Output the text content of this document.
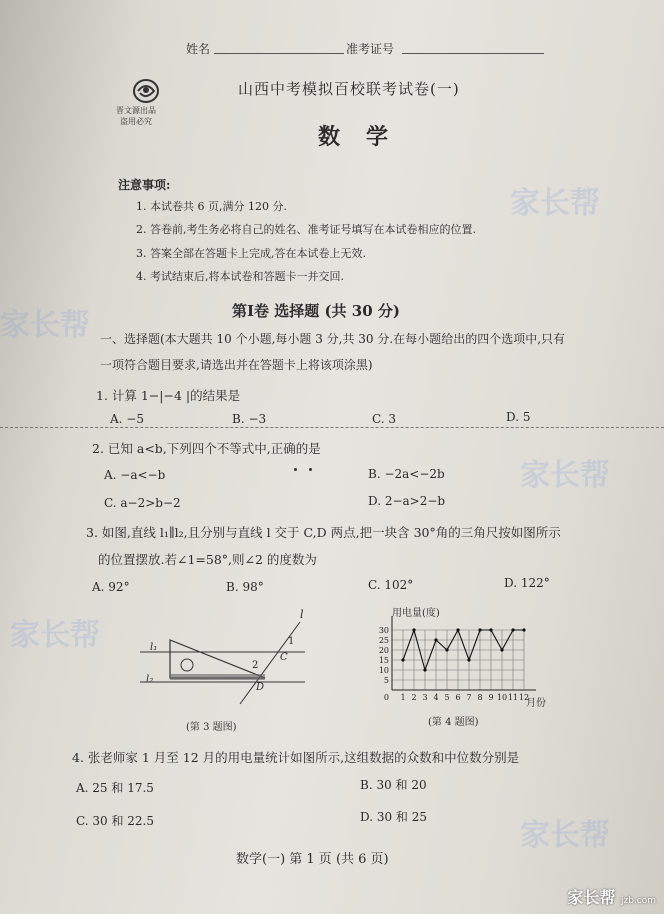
家长帮
家长帮
家长帮
家长帮
家长帮
姓名	准考证号
晋文源出品
盗用必究
山西中考模拟百校联考试卷(一)
数学
注意事项:
1. 本试卷共 6 页,满分 120 分.
2. 答卷前,考生务必将自己的姓名、准考证号填写在本试卷相应的位置.
3. 答案全部在答题卡上完成,答在本试卷上无效.
4. 考试结束后,将本试卷和答题卡一并交回.
第Ⅰ卷 选择题 (共 30 分)
一、选择题(本大题共 10 个小题,每小题 3 分,共 30 分.在每小题给出的四个选项中,只有
一项符合题目要求,请选出并在答题卡上将该项涂黑)
1. 计算 1−|−4 |的结果是
A. −5	B. −3	C. 3	D. 5
2. 已知 a<b,下列四个不等式中,正确的是
A. −a<−b	B. −2a<−2b
C. a−2>b−2	D. 2−a>2−b
3. 如图,直线 l₁∥l₂,且分别与直线 l 交于 C,D 两点,把一块含 30°角的三角尺按如图所示
的位置摆放.若∠1=58°,则∠2 的度数为
A. 92°	B. 98°	C. 102°	D. 122°
l
l₁
l₂
1
2
C
D
(第 3 题图)
5
10
15
20
25
30
1 2 3 4 5 6 7 8 9 10 11 12
0
用电量(度)
月份
(第 4 题图)
4. 张老师家 1 月至 12 月的用电量统计如图所示,这组数据的众数和中位数分别是
A. 25 和 17.5	B. 30 和 20
C. 30 和 22.5	D. 30 和 25
数学(一) 第 1 页 (共 6 页)
家长帮 jzb.com
